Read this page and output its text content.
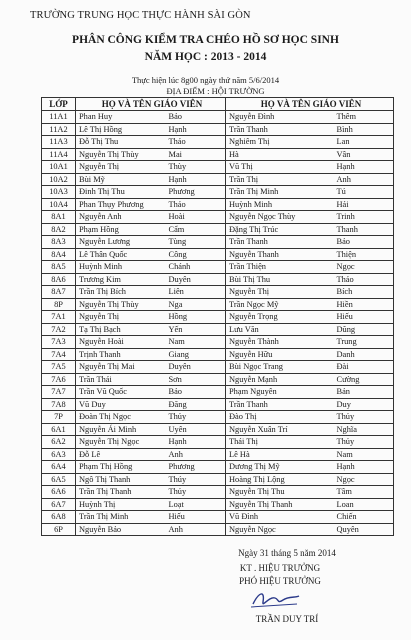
TRƯỜNG TRUNG HỌC THỰC HÀNH SÀI GÒN
PHÂN CÔNG KIỂM TRA CHÉO HỒ SƠ HỌC SINH
NĂM HỌC : 2013 - 2014
Thực hiện lúc 8g00 ngày thứ năm 5/6/2014
ĐỊA ĐIỂM : HỘI TRƯỜNG
LỚP	HỌ VÀ TÊN GIÁO VIÊN		HỌ VÀ TÊN GIÁO VIÊN	
11A1	Phan Huy	Bảo	Nguyễn Đình	Thêm
11A2	Lê Thị Hồng	Hạnh	Trần Thanh	Bình
11A3	Đỗ Thị Thu	Thảo	Nghiêm Thị	Lan
11A4	Nguyễn Thị Thùy	Mai	Hà	Vân
10A1	Nguyễn Thị	Thùy	Vũ Thị	Hạnh
10A2	Bùi Mỹ	Hạnh	Trần Thị	Anh
10A3	Đinh Thị Thu	Phương	Trần Thị Minh	Tú
10A4	Phan Thụy Phương	Thảo	Huỳnh Minh	Hải
8A1	Nguyễn Anh	Hoài	Nguyễn Ngọc Thùy	Trinh
8A2	Phạm Hồng	Cẩm	Đặng Thị Trúc	Thanh
8A3	Nguyễn Lương	Tùng	Trần Thanh	Bảo
8A4	Lê Thân Quốc	Công	Nguyễn Thanh	Thiện
8A5	Huỳnh Minh	Chánh	Trần Thiện	Ngọc
8A6	Trương Kim	Duyên	Bùi Thị Thu	Thảo
8A7	Trần Thị Bích	Liên	Nguyễn Thị	Bích
8P	Nguyễn Thị Thùy	Nga	Trần Ngọc Mỹ	Hiền
7A1	Nguyễn Thị	Hồng	Nguyễn Trọng	Hiếu
7A2	Tạ Thị Bạch	Yến	Lưu Văn	Dũng
7A3	Nguyễn Hoài	Nam	Nguyễn Thành	Trung
7A4	Trịnh Thanh	Giang	Nguyễn Hữu	Danh
7A5	Nguyễn Thị Mai	Duyên	Bùi Ngọc Trang	Đài
7A6	Trần Thái	Sơn	Nguyễn Mạnh	Cường
7A7	Trần Vũ Quốc	Bảo	Phạm Nguyên	Bản
7A8	Vũ Duy	Đăng	Trần Thanh	Duy
7P	Đoàn Thị Ngọc	Thủy	Đào Thị	Thủy
6A1	Nguyễn Ái Minh	Uyên	Nguyễn Xuân Trí	Nghĩa
6A2	Nguyễn Thị Ngọc	Hạnh	Thái Thị	Thủy
6A3	Đỗ Lê	Anh	Lê Hà	Nam
6A4	Phạm Thị Hồng	Phương	Dương Thị Mỹ	Hạnh
6A5	Ngô Thị Thanh	Thúy	Hoàng Thị Lộng	Ngọc
6A6	Trần Thị Thanh	Thủy	Nguyễn Thị Thu	Tâm
6A7	Huỳnh Thị	Loạt	Nguyễn Thị Thanh	Loan
6A8	Trần Thị Minh	Hiếu	Vũ Đình	Chiến
6P	Nguyễn Bảo	Anh	Nguyễn Ngọc	Quyên
Ngày 31 tháng 5 năm 2014
KT . HIỆU TRƯỞNG
PHÓ HIỆU TRƯỞNG
TRẦN DUY TRÍ
